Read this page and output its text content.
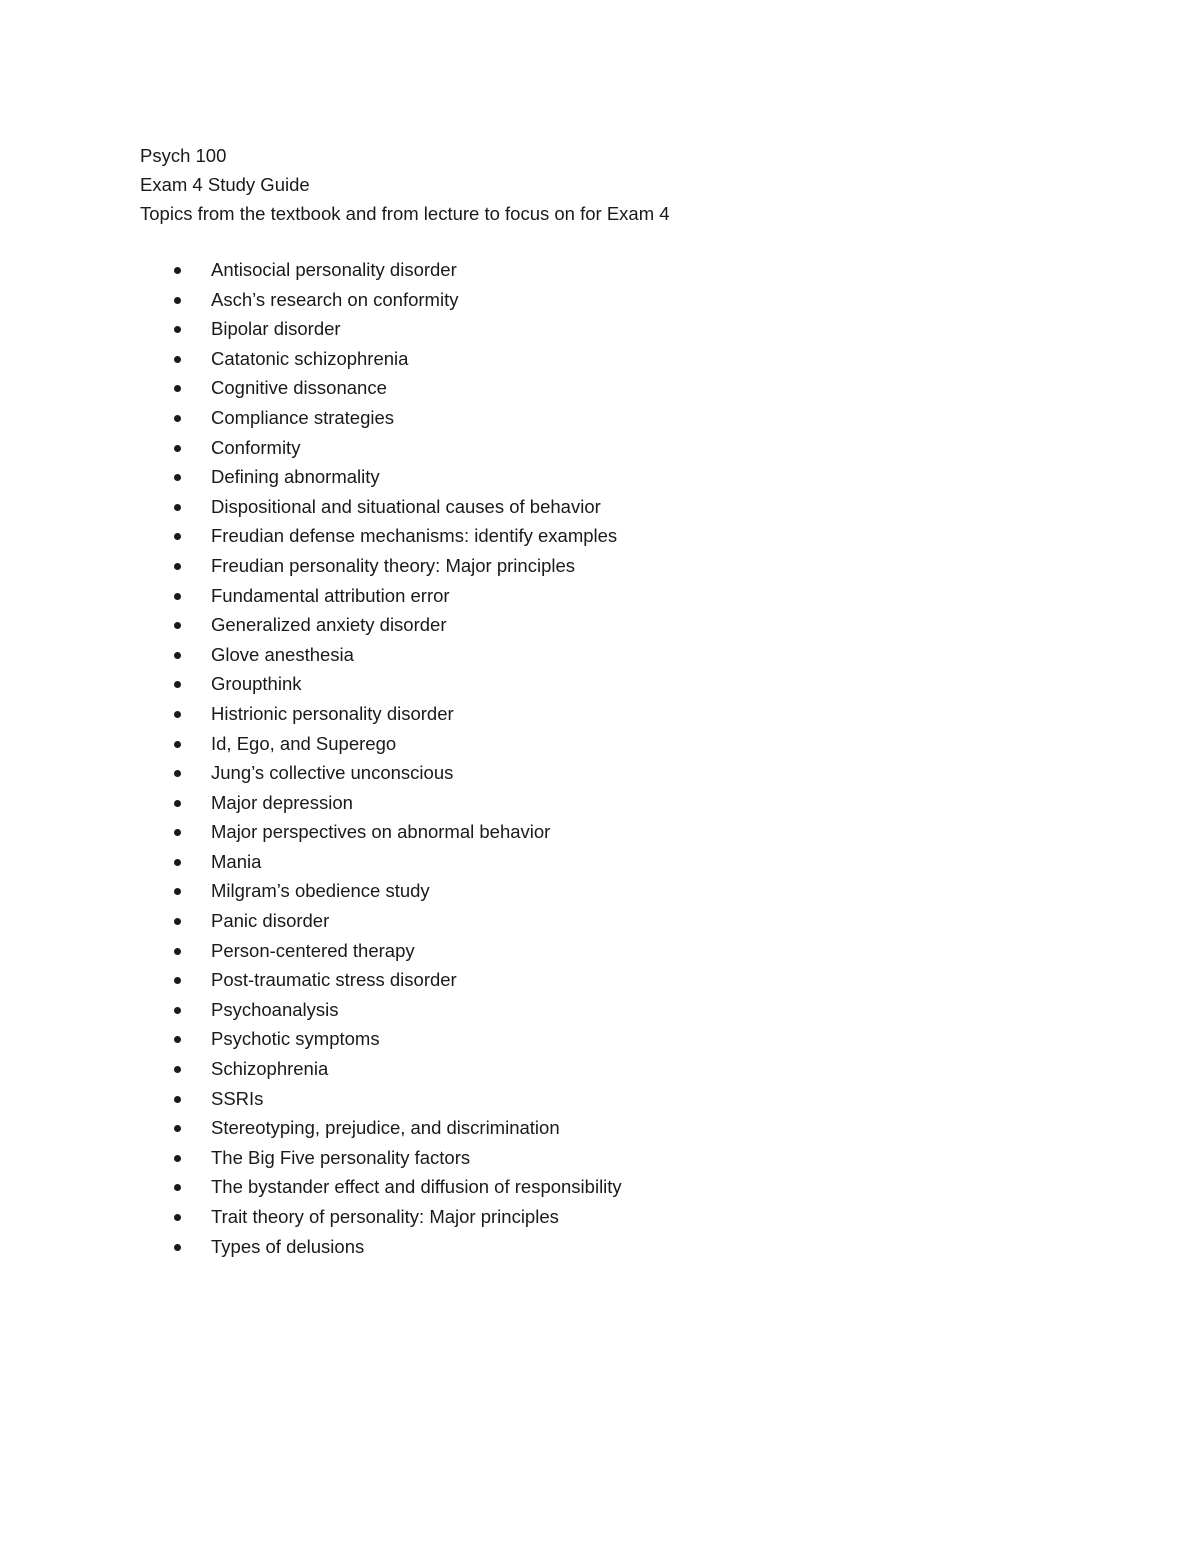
Psych 100
Exam 4 Study Guide
Topics from the textbook and from lecture to focus on for Exam 4
Antisocial personality disorder
Asch’s research on conformity
Bipolar disorder
Catatonic schizophrenia
Cognitive dissonance
Compliance strategies
Conformity
Defining abnormality
Dispositional and situational causes of behavior
Freudian defense mechanisms: identify examples
Freudian personality theory: Major principles
Fundamental attribution error
Generalized anxiety disorder
Glove anesthesia
Groupthink
Histrionic personality disorder
Id, Ego, and Superego
Jung’s collective unconscious
Major depression
Major perspectives on abnormal behavior
Mania
Milgram’s obedience study
Panic disorder
Person-centered therapy
Post-traumatic stress disorder
Psychoanalysis
Psychotic symptoms
Schizophrenia
SSRIs
Stereotyping, prejudice, and discrimination
The Big Five personality factors
The bystander effect and diffusion of responsibility
Trait theory of personality: Major principles
Types of delusions
